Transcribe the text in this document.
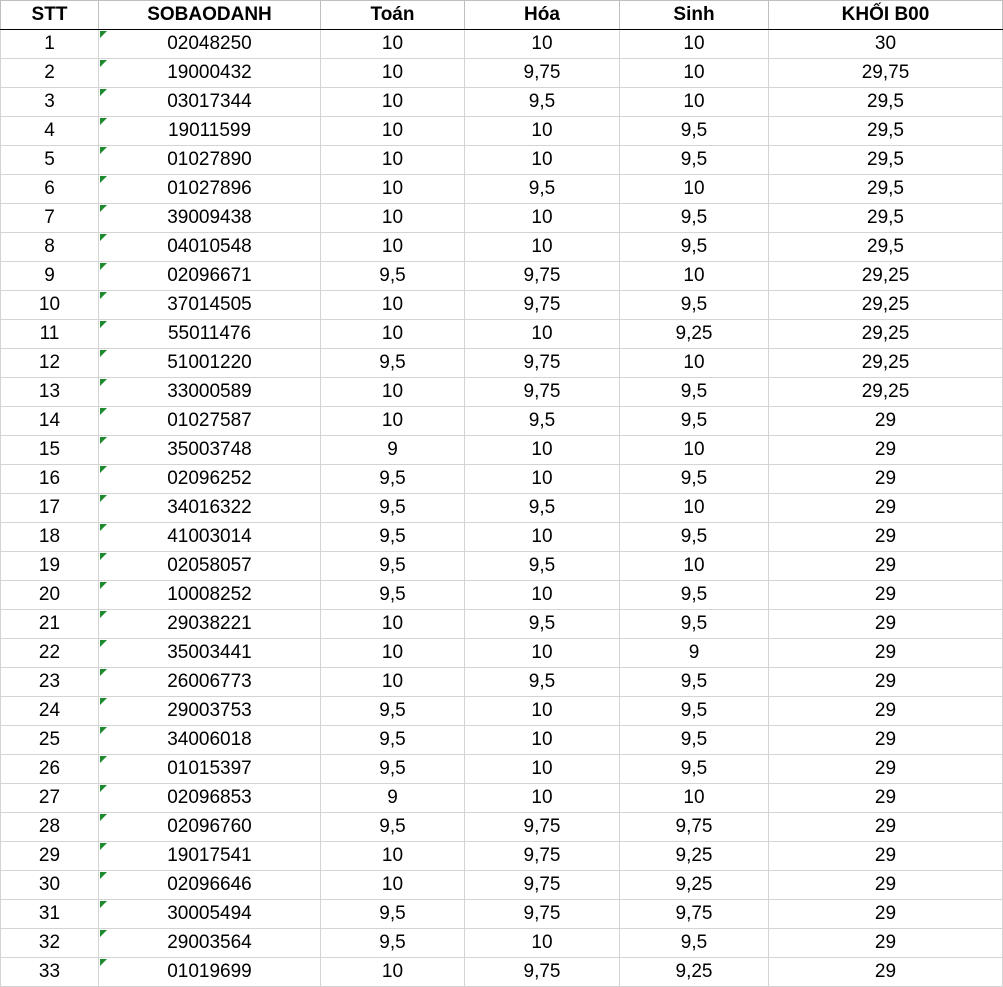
STT	SOBAODANH	Toán	Hóa	Sinh	KHỐI B00
1	02048250	10	10	10	30
2	19000432	10	9,75	10	29,75
3	03017344	10	9,5	10	29,5
4	19011599	10	10	9,5	29,5
5	01027890	10	10	9,5	29,5
6	01027896	10	9,5	10	29,5
7	39009438	10	10	9,5	29,5
8	04010548	10	10	9,5	29,5
9	02096671	9,5	9,75	10	29,25
10	37014505	10	9,75	9,5	29,25
11	55011476	10	10	9,25	29,25
12	51001220	9,5	9,75	10	29,25
13	33000589	10	9,75	9,5	29,25
14	01027587	10	9,5	9,5	29
15	35003748	9	10	10	29
16	02096252	9,5	10	9,5	29
17	34016322	9,5	9,5	10	29
18	41003014	9,5	10	9,5	29
19	02058057	9,5	9,5	10	29
20	10008252	9,5	10	9,5	29
21	29038221	10	9,5	9,5	29
22	35003441	10	10	9	29
23	26006773	10	9,5	9,5	29
24	29003753	9,5	10	9,5	29
25	34006018	9,5	10	9,5	29
26	01015397	9,5	10	9,5	29
27	02096853	9	10	10	29
28	02096760	9,5	9,75	9,75	29
29	19017541	10	9,75	9,25	29
30	02096646	10	9,75	9,25	29
31	30005494	9,5	9,75	9,75	29
32	29003564	9,5	10	9,5	29
33	01019699	10	9,75	9,25	29
